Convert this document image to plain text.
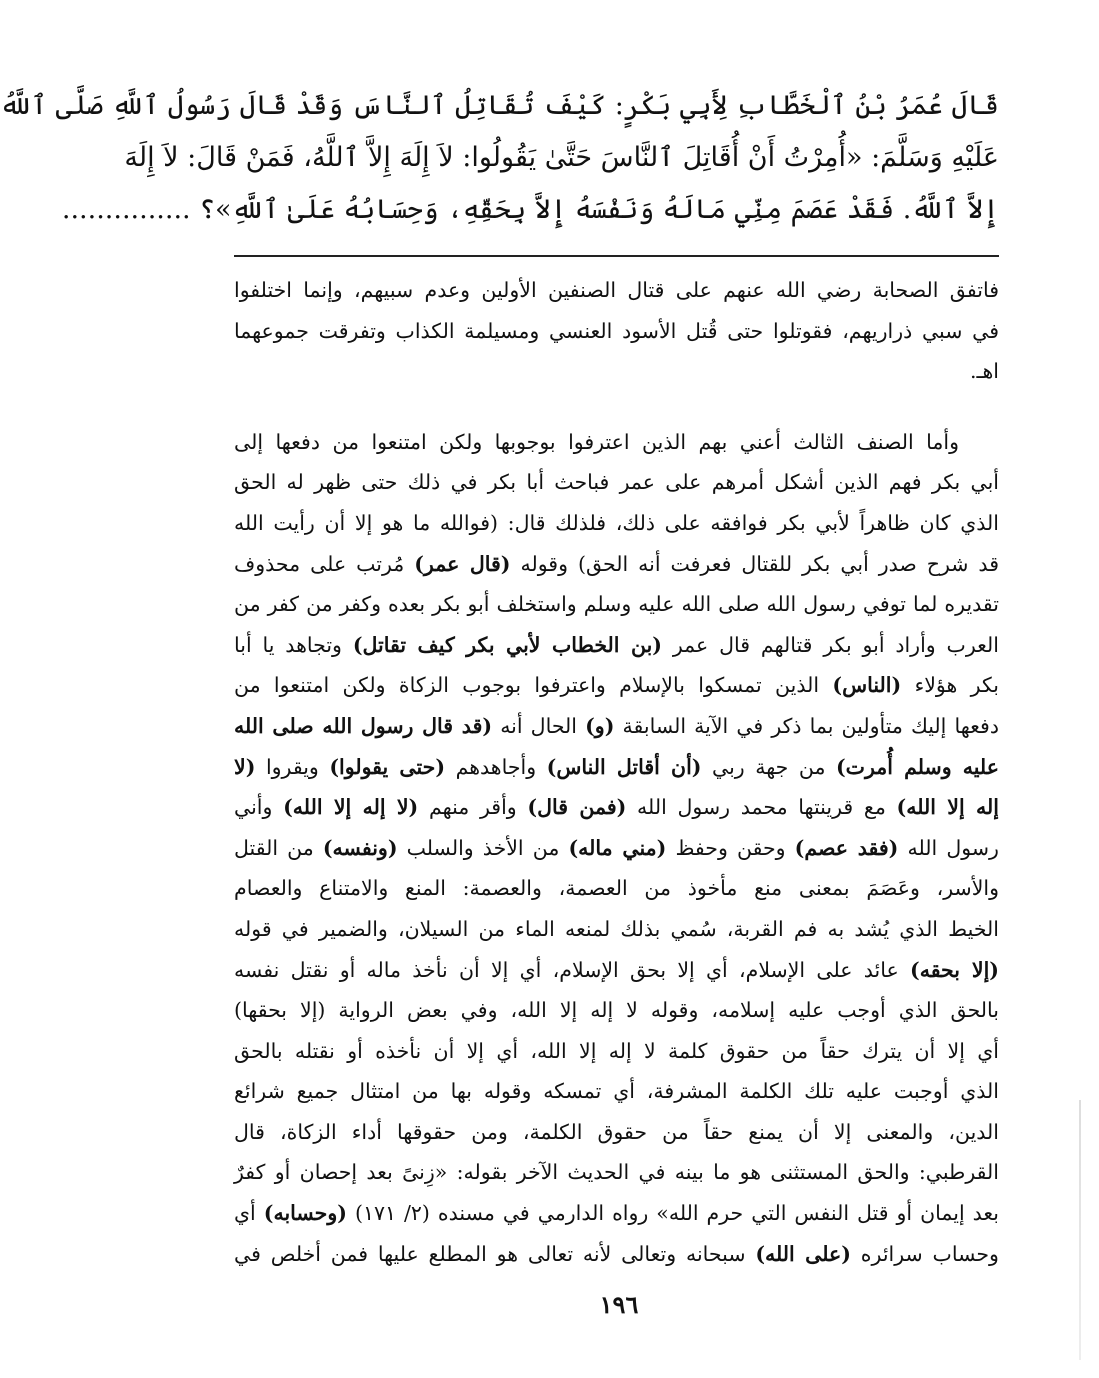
قَالَ عُمَرُ بْنُ ٱلْخَطَّابِ لِأَبِي بَكْرٍ: كَيْفَ تُقَاتِلُ ٱلنَّاسَ وَقَدْ قَالَ رَسُولُ ٱللَّهِ صَلَّى ٱللَّهُ
عَلَيْهِ وَسَلَّمَ: «أُمِرْتُ أَنْ أُقَاتِلَ ٱلنَّاسَ حَتَّىٰ يَقُولُوا: لاَ إِلَهَ إِلاَّ ٱللَّهُ، فَمَنْ قَالَ: لاَ إِلَهَ
إِلاَّ ٱللَّهُ. فَقَدْ عَصَمَ مِنِّي مَالَهُ وَنَفْسَهُ إِلاَّ بِحَقِّهِ، وَحِسَابُهُ عَلَىٰ ٱللَّهِ»؟ ...............
فاتفق الصحابة رضي الله عنهم على قتال الصنفين الأولين وعدم سبيهم، وإنما اختلفوا
في سبي ذراريهم، فقوتلوا حتى قُتل الأسود العنسي ومسيلمة الكذاب وتفرقت جموعهما
اهـ.
وأما الصنف الثالث أعني بهم الذين اعترفوا بوجوبها ولكن امتنعوا من دفعها إلى
أبي بكر فهم الذين أشكل أمرهم على عمر فباحث أبا بكر في ذلك حتى ظهر له الحق
الذي كان ظاهراً لأبي بكر فوافقه على ذلك، فلذلك قال: (فوالله ما هو إلا أن رأيت الله
قد شرح صدر أبي بكر للقتال فعرفت أنه الحق) وقوله (قال عمر) مُرتب على محذوف
تقديره لما توفي رسول الله صلى الله عليه وسلم واستخلف أبو بكر بعده وكفر من كفر من
العرب وأراد أبو بكر قتالهم قال عمر (بن الخطاب لأبي بكر كيف تقاتل) وتجاهد يا أبا
بكر هؤلاء (الناس) الذين تمسكوا بالإسلام واعترفوا بوجوب الزكاة ولكن امتنعوا من
دفعها إليك متأولين بما ذكر في الآية السابقة (و) الحال أنه (قد قال رسول الله صلى الله
عليه وسلم أُمرت) من جهة ربي (أن أقاتل الناس) وأجاهدهم (حتى يقولوا) ويقروا (لا
إله إلا الله) مع قرينتها محمد رسول الله (فمن قال) وأقر منهم (لا إله إلا الله) وأني
رسول الله (فقد عصم) وحقن وحفظ (مني ماله) من الأخذ والسلب (ونفسه) من القتل
والأسر، وعَصَمَ بمعنى منع مأخوذ من العصمة، والعصمة: المنع والامتناع والعصام
الخيط الذي يُشد به فم القربة، سُمي بذلك لمنعه الماء من السيلان، والضمير في قوله
(إلا بحقه) عائد على الإسلام، أي إلا بحق الإسلام، أي إلا أن نأخذ ماله أو نقتل نفسه
بالحق الذي أوجب عليه إسلامه، وقوله لا إله إلا الله، وفي بعض الرواية (إلا بحقها)
أي إلا أن يترك حقاً من حقوق كلمة لا إله إلا الله، أي إلا أن نأخذه أو نقتله بالحق
الذي أوجبت عليه تلك الكلمة المشرفة، أي تمسكه وقوله بها من امتثال جميع شرائع
الدين، والمعنى إلا أن يمنع حقاً من حقوق الكلمة، ومن حقوقها أداء الزكاة، قال
القرطبي: والحق المستثنى هو ما بينه في الحديث الآخر بقوله: «زِنىً بعد إحصان أو كفرٌ
بعد إيمان أو قتل النفس التي حرم الله» رواه الدارمي في مسنده (٢/ ١٧١) (وحسابه) أي
وحساب سرائره (على الله) سبحانه وتعالى لأنه تعالى هو المطلع عليها فمن أخلص في
١٩٦
